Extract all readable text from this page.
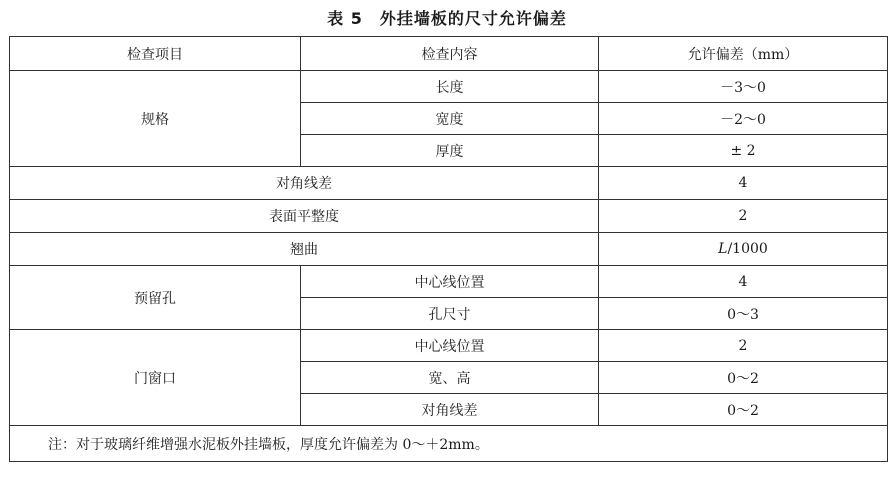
表 5　外挂墙板的尺寸允许偏差
检查项目	检查内容	允许偏差（mm）
规格	长度	－3～0
	宽度	－2～0
	厚度	± 2
对角线差		4
表面平整度		2
翘曲		L/1000
预留孔	中心线位置	4
	孔尺寸	0～3
门窗口	中心线位置	2
	宽、高	0～2
	对角线差	0～2
注：对于玻璃纤维增强水泥板外挂墙板，厚度允许偏差为 0～＋2mm。		
